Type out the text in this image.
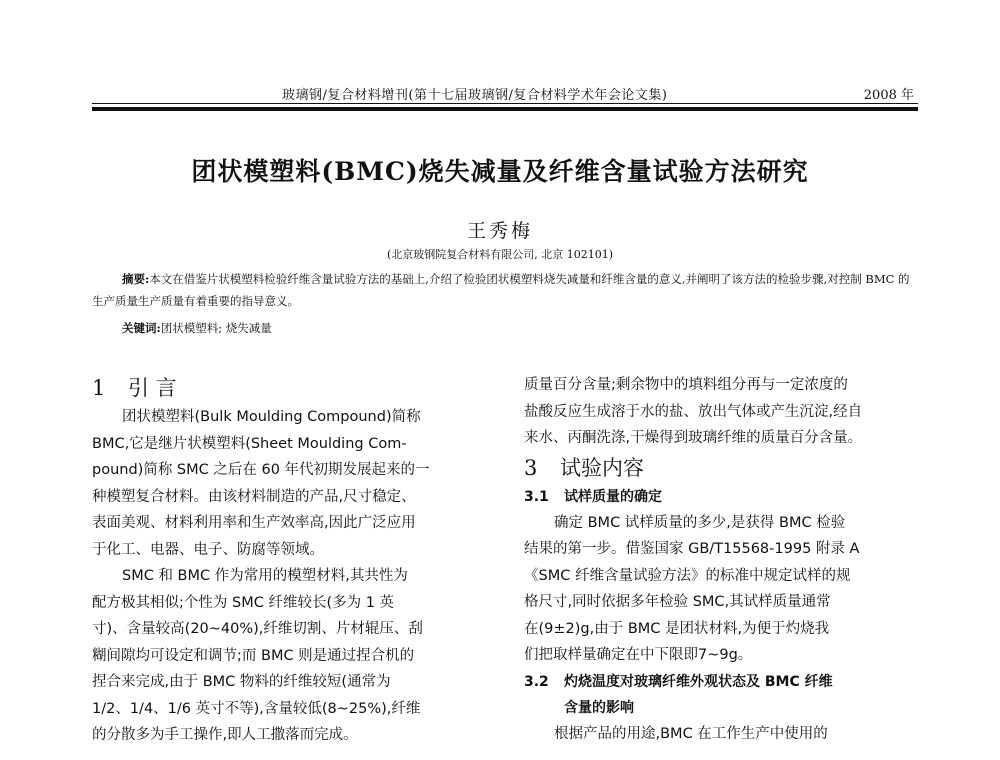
玻璃钢/复合材料增刊(第十七届玻璃钢/复合材料学术年会论文集)	2008 年
团状模塑料(BMC)烧失减量及纤维含量试验方法研究
王秀梅
(北京玻钢院复合材料有限公司, 北京 102101)
摘要:本文在借鉴片状模塑料检验纤维含量试验方法的基础上,介绍了检验团状模塑料烧失减量和纤维含量的意义,并阐明了该方法的检验步骤,对控制 BMC 的生产质量生产质量有着重要的指导意义。
关键词:团状模塑料; 烧失减量
1 引 言
团状模塑料(Bulk Moulding Compound)简称
BMC,它是继片状模塑料(Sheet Moulding Com-
pound)简称 SMC 之后在 60 年代初期发展起来的一
种模塑复合材料。由该材料制造的产品,尺寸稳定、
表面美观、材料利用率和生产效率高,因此广泛应用
于化工、电器、电子、防腐等领域。
SMC 和 BMC 作为常用的模塑材料,其共性为
配方极其相似;个性为 SMC 纤维较长(多为 1 英
寸)、含量较高(20~40%),纤维切割、片材辊压、刮
糊间隙均可设定和调节;而 BMC 则是通过捏合机的
捏合来完成,由于 BMC 物料的纤维较短(通常为
1/2、1/4、1/6 英寸不等),含量较低(8~25%),纤维
的分散多为手工操作,即人工撒落而完成。
质量百分含量;剩余物中的填料组分再与一定浓度的
盐酸反应生成溶于水的盐、放出气体或产生沉淀,经自
来水、丙酮洗涤,干燥得到玻璃纤维的质量百分含量。
3 试验内容
3.1 试样质量的确定
确定 BMC 试样质量的多少,是获得 BMC 检验
结果的第一步。借鉴国家 GB/T15568-1995 附录 A
《SMC 纤维含量试验方法》的标准中规定试样的规
格尺寸,同时依据多年检验 SMC,其试样质量通常
在(9±2)g,由于 BMC 是团状材料,为便于灼烧我
们把取样量确定在中下限即7~9g。
3.2 灼烧温度对玻璃纤维外观状态及 BMC 纤维
含量的影响
根据产品的用途,BMC 在工作生产中使用的
